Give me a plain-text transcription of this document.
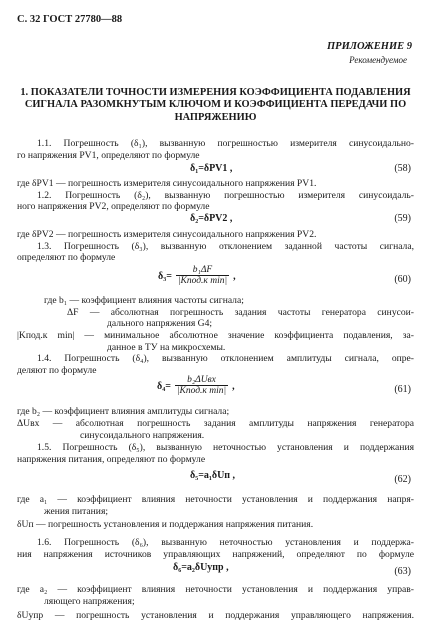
С. 32 ГОСТ 27780—88
ПРИЛОЖЕНИЕ 9
Рекомендуемое
1. ПОКАЗАТЕЛИ ТОЧНОСТИ ИЗМЕРЕНИЯ КОЭФФИЦИЕНТА ПОДАВЛЕНИЯ СИГНАЛА РАЗОМКНУТЫМ КЛЮЧОМ И КОЭФФИЦИЕНТА ПЕРЕДАЧИ ПО НАПРЯЖЕНИЮ
1.1. Погрешность (δ₁), вызванную погрешностью измерителя синусоидально-
го напряжения PV1, определяют по формуле
δ₁=δPV1 ,	(58)
где δPV1 — погрешность измерителя синусоидального напряжения PV1.
1.2. Погрешность (δ₂), вызванную погрешностью измерителя синусоидаль-
ного напряжения PV2, определяют по формуле
δ₂=δPV2 ,	(59)
где δPV2 — погрешность измерителя синусоидального напряжения PV2.
1.3. Погрешность (δ₃), вызванную отклонением заданной частоты сигнала,
определяют по формуле
$\delta_3= \frac{\text{b₁ΔF}}{\text{|Kпод.к min|}}$ ,	(60)
где b₁ — коэффициент влияния частоты сигнала;
ΔF — абсолютная погрешность задания частоты генератора синусои-
дального напряжения G4;
|Kпод.к min| — минимальное абсолютное значение коэффициента подавления, за-
данное в ТУ на микросхемы.
1.4. Погрешность (δ₄), вызванную отклонением амплитуды сигнала, опре-
деляют по формуле
$\delta_4= \frac{\text{b₂ΔUвх}}{\text{|Kпод.к min|}}$ ,	(61)
где b₂ — коэффициент влияния амплитуды сигнала;
ΔUвх — абсолютная погрешность задания амплитуды напряжения генератора
синусоидального напряжения.
1.5. Погрешность (δ₅), вызванную неточностью установления и поддержания
напряжения питания, определяют по формуле
δ₅=a₁δUп ,	(62)
где a₁ — коэффициент влияния неточности установления и поддержания напря-
жения питания;
δUп — погрешность установления и поддержания напряжения питания.
1.6. Погрешность (δ₆), вызванную неточностью установления и поддержа-
ния напряжения источников управляющих напряжений, определяют по формуле
δ₆=a₂δUупр ,	(63)
где a₂ — коэффициент влияния неточности установления и поддержания управ-
ляющего напряжения;
δUупр — погрешность установления и поддержания управляющего напряжения.
